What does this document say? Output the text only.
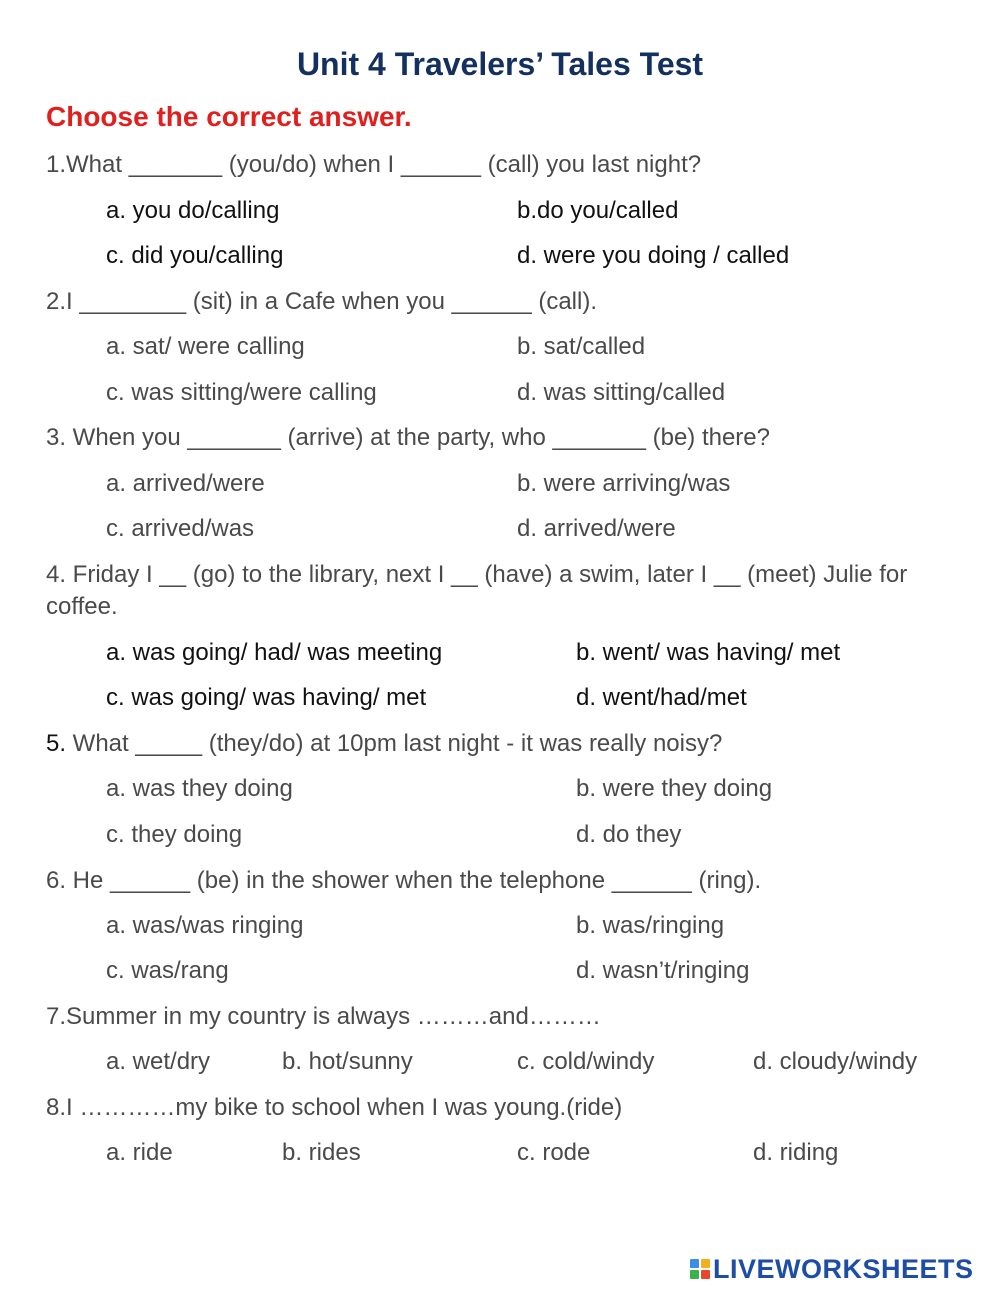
Unit 4 Travelers’ Tales Test
Choose the correct answer.
1.What _______ (you/do) when I ______ (call) you last night?
a. you do/calling	b.do you/called
c. did you/calling	d. were you doing / called
2.I ________ (sit) in a Cafe when you ______ (call).
a. sat/ were calling	b. sat/called
c. was sitting/were calling	d. was sitting/called
3. When you _______ (arrive) at the party, who _______ (be) there?
a. arrived/were	b. were arriving/was
c. arrived/was	d. arrived/were
4. Friday I __ (go) to the library, next I __ (have) a swim, later I __ (meet) Julie for coffee.
a. was going/ had/ was meeting	b. went/ was having/ met
c. was going/ was having/ met	d. went/had/met
5. What _____ (they/do) at 10pm last night - it was really noisy?
a. was they doing	b. were they doing
c. they doing	d. do they
6. He ______ (be) in the shower when the telephone ______ (ring).
a. was/was ringing	b. was/ringing
c. was/rang	d. wasn’t/ringing
7.Summer in my country is always ………and………
a. wet/dry	b. hot/sunny	c. cold/windy	d. cloudy/windy
8.I …………my bike to school when I was young.(ride)
a. ride	b. rides	c. rode	d. riding
LIVEWORKSHEETS
